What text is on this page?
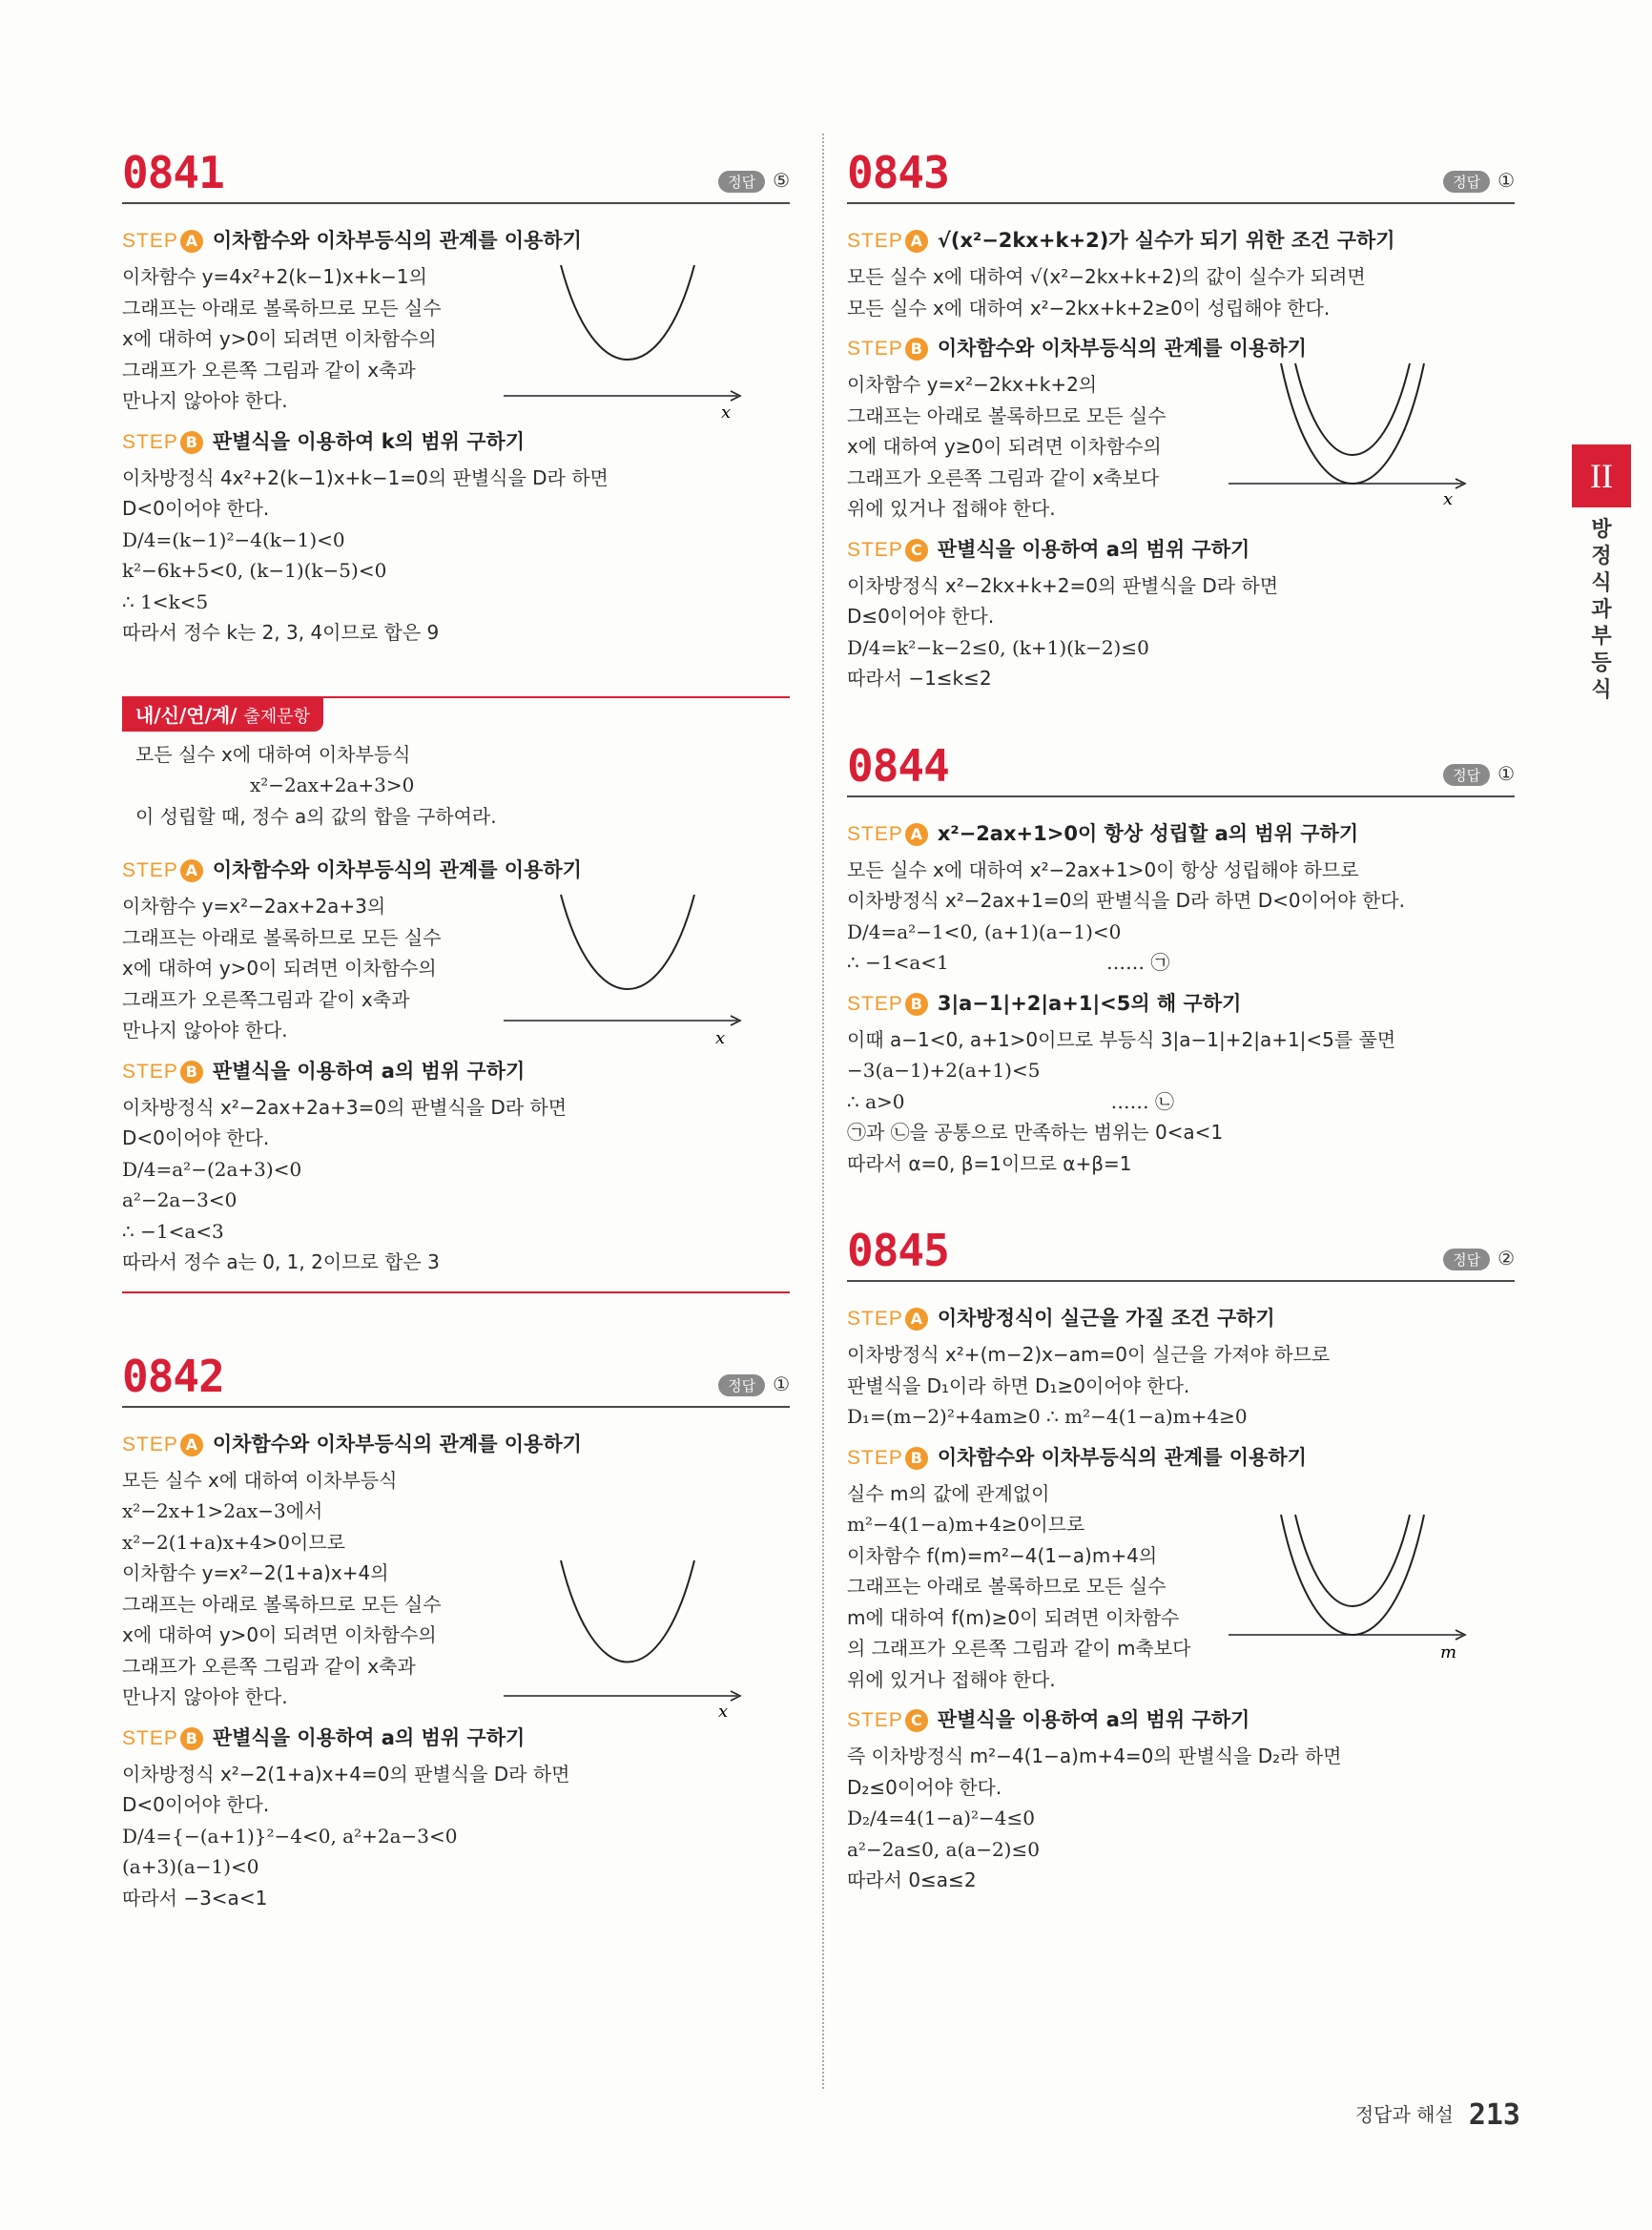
0841	정답 ⑤
STEP A 이차함수와 이차부등식의 관계를 이용하기
이차함수 y=4x²+2(k−1)x+k−1의
그래프는 아래로 볼록하므로 모든 실수
x에 대하여 y>0이 되려면 이차함수의
그래프가 오른쪽 그림과 같이 x축과
만나지 않아야 한다.
x
STEP B 판별식을 이용하여 k의 범위 구하기
이차방정식 4x²+2(k−1)x+k−1=0의 판별식을 D라 하면
D<0이어야 한다.
D/4=(k−1)²−4(k−1)<0
k²−6k+5<0, (k−1)(k−5)<0
∴ 1<k<5
따라서 정수 k는 2, 3, 4이므로 합은 9
내/신/연/계/ 출제문항
모든 실수 x에 대하여 이차부등식
x²−2ax+2a+3>0
이 성립할 때, 정수 a의 값의 합을 구하여라.
STEP A 이차함수와 이차부등식의 관계를 이용하기
이차함수 y=x²−2ax+2a+3의
그래프는 아래로 볼록하므로 모든 실수
x에 대하여 y>0이 되려면 이차함수의
그래프가 오른쪽그림과 같이 x축과
만나지 않아야 한다.	x
STEP B 판별식을 이용하여 a의 범위 구하기
이차방정식 x²−2ax+2a+3=0의 판별식을 D라 하면
D<0이어야 한다.
D/4=a²−(2a+3)<0
a²−2a−3<0
∴ −1<a<3
따라서 정수 a는 0, 1, 2이므로 합은 3
0842	정답 ①
STEP A 이차함수와 이차부등식의 관계를 이용하기
모든 실수 x에 대하여 이차부등식
x²−2x+1>2ax−3에서
x²−2(1+a)x+4>0이므로
이차함수 y=x²−2(1+a)x+4의
그래프는 아래로 볼록하므로 모든 실수
x에 대하여 y>0이 되려면 이차함수의
그래프가 오른쪽 그림과 같이 x축과
만나지 않아야 한다.
x
STEP B 판별식을 이용하여 a의 범위 구하기
이차방정식 x²−2(1+a)x+4=0의 판별식을 D라 하면
D<0이어야 한다.
D/4={−(a+1)}²−4<0, a²+2a−3<0
(a+3)(a−1)<0
따라서 −3<a<1
0843	정답 ①
STEP A √(x²−2kx+k+2)가 실수가 되기 위한 조건 구하기
모든 실수 x에 대하여 √(x²−2kx+k+2)의 값이 실수가 되려면
모든 실수 x에 대하여 x²−2kx+k+2≥0이 성립해야 한다.
STEP B 이차함수와 이차부등식의 관계를 이용하기
이차함수 y=x²−2kx+k+2의
그래프는 아래로 볼록하므로 모든 실수
x에 대하여 y≥0이 되려면 이차함수의
그래프가 오른쪽 그림과 같이 x축보다
위에 있거나 접해야 한다.	x
STEP C 판별식을 이용하여 a의 범위 구하기
이차방정식 x²−2kx+k+2=0의 판별식을 D라 하면
D≤0이어야 한다.
D/4=k²−k−2≤0, (k+1)(k−2)≤0
따라서 −1≤k≤2
0844	정답 ①
STEP A x²−2ax+1>0이 항상 성립할 a의 범위 구하기
모든 실수 x에 대하여 x²−2ax+1>0이 항상 성립해야 하므로
이차방정식 x²−2ax+1=0의 판별식을 D라 하면 D<0이어야 한다.
D/4=a²−1<0, (a+1)(a−1)<0
∴ −1<a<1                          …… ㉠
STEP B 3|a−1|+2|a+1|<5의 해 구하기
이때 a−1<0, a+1>0이므로 부등식 3|a−1|+2|a+1|<5를 풀면
−3(a−1)+2(a+1)<5
∴ a>0                                  …… ㉡
㉠과 ㉡을 공통으로 만족하는 범위는 0<a<1
따라서 α=0, β=1이므로 α+β=1
0845	정답 ②
STEP A 이차방정식이 실근을 가질 조건 구하기
이차방정식 x²+(m−2)x−am=0이 실근을 가져야 하므로
판별식을 D₁이라 하면 D₁≥0이어야 한다.
D₁=(m−2)²+4am≥0 ∴ m²−4(1−a)m+4≥0
STEP B 이차함수와 이차부등식의 관계를 이용하기
실수 m의 값에 관계없이
m²−4(1−a)m+4≥0이므로
이차함수 f(m)=m²−4(1−a)m+4의
그래프는 아래로 볼록하므로 모든 실수
m에 대하여 f(m)≥0이 되려면 이차함수
의 그래프가 오른쪽 그림과 같이 m축보다
위에 있거나 접해야 한다.
m
STEP C 판별식을 이용하여 a의 범위 구하기
즉 이차방정식 m²−4(1−a)m+4=0의 판별식을 D₂라 하면
D₂≤0이어야 한다.
D₂/4=4(1−a)²−4≤0
a²−2a≤0, a(a−2)≤0
따라서 0≤a≤2
II
방정식과 부등식
정답과 해설 213
